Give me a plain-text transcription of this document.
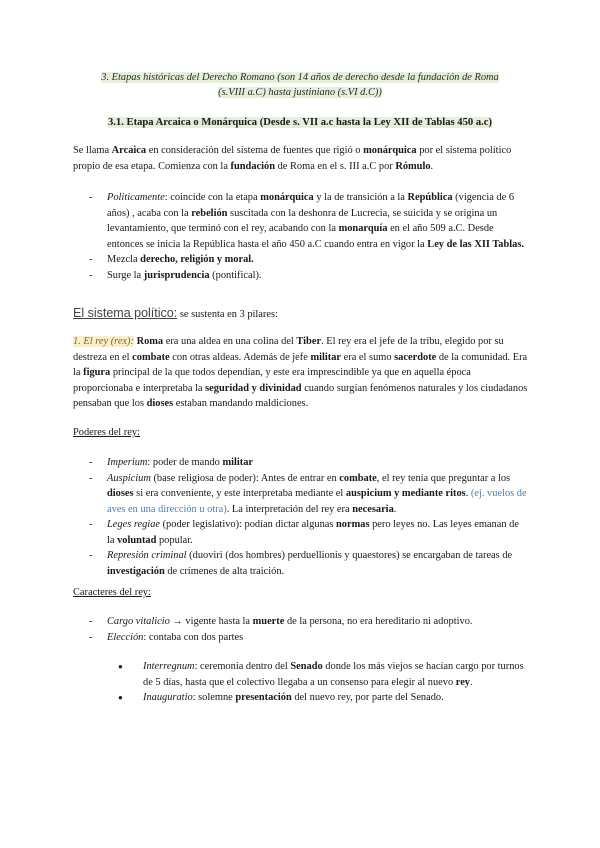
3. Etapas históricas del Derecho Romano (son 14 años de derecho desde la fundación de Roma
(s.VIII a.C) hasta justiniano (s.VI d.C))
3.1. Etapa Arcaica o Monárquica (Desde s. VII a.c hasta la Ley XII de Tablas 450 a.c)

Se llama Arcaica en consideración del sistema de fuentes que rigió o monárquica por el sistema político propio de esa etapa. Comienza con la fundación de Roma en el s. III a.C por Rómulo.

- Politicamente: coincide con la etapa monárquica y la de transición a la República (vigencia de 6 años) , acaba con la rebelión suscitada con la deshonra de Lucrecia, se suicida y se origina un levantamiento, que terminó con el rey, acabando con la monarquía en el año 509 a.C. Desde entonces se inicia la República hasta el año 450 a.C cuando entra en vigor la Ley de las XII Tablas.
- Mezcla derecho, religión y moral.
- Surge la jurisprudencia (pontifical).
El sistema político: se sustenta en 3 pilares:

1. El rey (rex): Roma era una aldea en una colina del Tiber. El rey era el jefe de la tribu, elegido por su destreza en el combate con otras aldeas. Además de jefe militar era el sumo sacerdote de la comunidad. Era la figura principal de la que todos dependían, y este era imprescindible ya que en aquella época proporcionaba e interpretaba la seguridad y divinidad cuando surgían fenómenos naturales y los ciudadanos pensaban que los dioses estaban mandando maldiciones.

Poderes del rey:
- Imperium: poder de mando militar
- Auspicium (base religiosa de poder): Antes de entrar en combate, el rey tenía que preguntar a los dioses si era conveniente, y este interpretaba mediante el auspicium y mediante ritos. (ej. vuelos de aves en una dirección u otra). La interpretación del rey era necesaria.
- Leges regiae (poder legislativo): podían dictar algunas normas pero leyes no. Las leyes emanan de la voluntad popular.
- Represión criminal (duoviri (dos hombres) perduellionis y quaestores) se encargaban de tareas de investigación de crímenes de alta traición.
Caracteres del rey:
- Cargo vitalicio → vigente hasta la muerte de la persona, no era hereditario ni adoptivo.
- Elección: contaba con dos partes
● Interregnum: ceremonia dentro del Senado donde los más viejos se hacían cargo por turnos de 5 días, hasta que el colectivo llegaba a un consenso para elegir al nuevo rey.
● Inauguratio: solemne presentación del nuevo rey, por parte del Senado.
